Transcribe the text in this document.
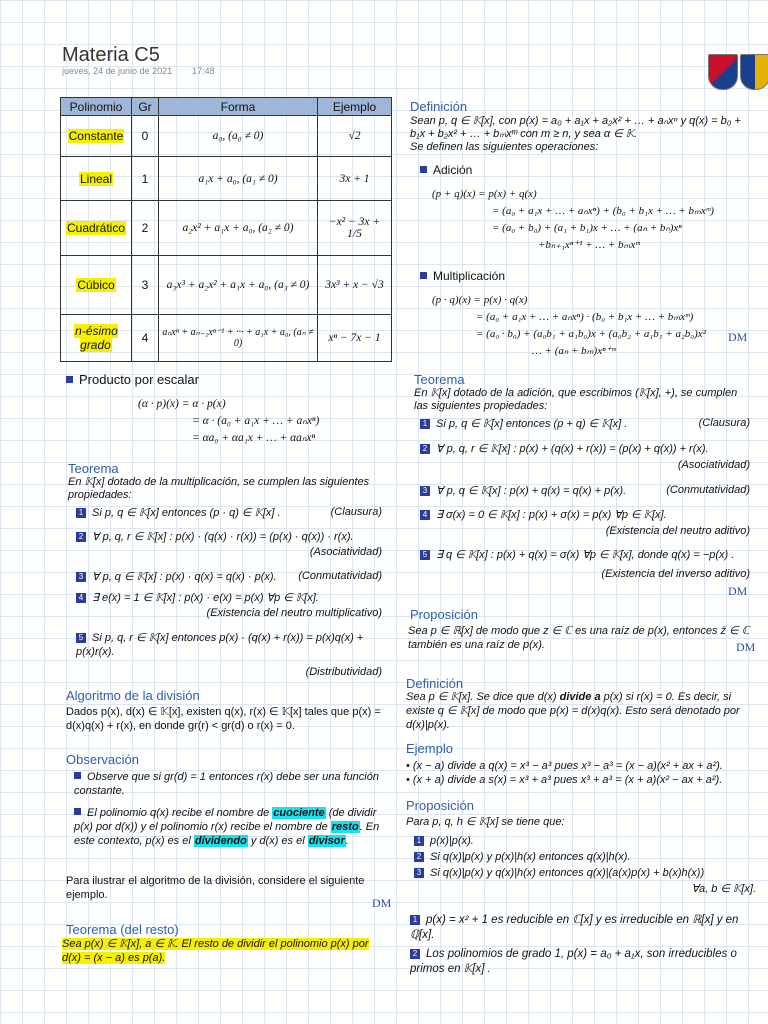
Materia C5
jueves, 24 de junio de 2021 17:48
Polinomio	Gr	Forma	Ejemplo
Constante	0	a₀, (a₀ ≠ 0)	√2
Lineal	1	a₁x + a₀, (a₁ ≠ 0)	3x + 1
Cuadrático	2	a₂x² + a₁x + a₀, (a₂ ≠ 0)	−x² − 3x + 1/5
Cúbico	3	a₃x³ + a₂x² + a₁x + a₀, (a₃ ≠ 0)	3x³ + x − √3
n-ésimo grado	4	aₙxⁿ + aₙ₋₁xⁿ⁻¹ + ··· + a₁x + a₀, (aₙ ≠ 0)	xⁿ − 7x − 1
Producto por escalar
(α · p)(x) = α · p(x)
= α · (a₀ + a₁x + … + aₙxⁿ)
= αa₀ + αa₁x + … + αaₙxⁿ
Teorema
En 𝕂[x] dotado de la multiplicación, se cumplen las siguientes propiedades:
1 Si p, q ∈ 𝕂[x] entonces (p · q) ∈ 𝕂[x] .	(Clausura)
2 ∀ p, q, r ∈ 𝕂[x] : p(x) · (q(x) · r(x)) = (p(x) · q(x)) · r(x).
(Asociatividad)
3 ∀ p, q ∈ 𝕂[x] : p(x) · q(x) = q(x) · p(x). (Conmutatividad)
4 ∃ e(x) = 1 ∈ 𝕂[x] : p(x) · e(x) = p(x) ∀p ∈ 𝕂[x].
(Existencia del neutro multiplicativo)
5 Si p, q, r ∈ 𝕂[x] entonces p(x) · (q(x) + r(x)) = p(x)q(x) + p(x)r(x).
(Distributividad)
Algoritmo de la división
Dados p(x), d(x) ∈ 𝕂[x], existen q(x), r(x) ∈ 𝕂[x] tales que p(x) = d(x)q(x) + r(x), en donde gr(r) < gr(d) o r(x) = 0.
Observación
Observe que si gr(d) = 1 entonces r(x) debe ser una función constante.
El polinomio q(x) recibe el nombre de cuociente (de dividir p(x) por d(x)) y el polinomio r(x) recibe el nombre de resto. En este contexto, p(x) es el dividendo y d(x) es el divisor.
Para ilustrar el algoritmo de la división, considere el siguiente ejemplo.
DM
Teorema (del resto)
Sea p(x) ∈ 𝕂[x], a ∈ 𝕂. El resto de dividir el polinomio p(x) por d(x) = (x − a) es p(a).
Definición
Sean p, q ∈ 𝕂[x], con p(x) = a₀ + a₁x + a₂x² + … + aₙxⁿ y q(x) = b₀ + b₁x + b₂x² + … + bₘxᵐ con m ≥ n, y sea α ∈ 𝕂.
Se definen las siguientes operaciones:
Adición
(p + q)(x) = p(x) + q(x)
= (a₀ + a₁x + … + aₙxⁿ) + (b₀ + b₁x + … + bₘxᵐ)
= (a₀ + b₀) + (a₁ + b₁)x + … + (aₙ + bₙ)xⁿ
+bₙ₊₁xⁿ⁺¹ + … + bₘxᵐ
Multiplicación
(p · q)(x) = p(x) · q(x)
= (a₀ + a₁x + … + aₙxⁿ) · (b₀ + b₁x + … + bₘxᵐ)
= (a₀ · b₀) + (a₀b₁ + a₁b₀)x + (a₀b₂ + a₁b₁ + a₂b₀)x²
… + (aₙ + bₘ)xⁿ⁺ᵐ
DM
Teorema
En 𝕂[x] dotado de la adición, que escribimos (𝕂[x], +), se cumplen las siguientes propiedades:
1 Si p, q ∈ 𝕂[x] entonces (p + q) ∈ 𝕂[x] .	(Clausura)
2 ∀ p, q, r ∈ 𝕂[x] : p(x) + (q(x) + r(x)) = (p(x) + q(x)) + r(x).
(Asociatividad)
3 ∀ p, q ∈ 𝕂[x] : p(x) + q(x) = q(x) + p(x).	(Conmutatividad)
4 ∃ σ(x) = 0 ∈ 𝕂[x] : p(x) + σ(x) = p(x) ∀p ∈ 𝕂[x].
(Existencia del neutro aditivo)
5 ∃ q ∈ 𝕂[x] : p(x) + q(x) = σ(x) ∀p ∈ 𝕂[x], donde q(x) = −p(x) .
(Existencia del inverso aditivo)
DM
Proposición
Sea p ∈ ℝ[x] de modo que z ∈ ℂ es una raíz de p(x), entonces z̄ ∈ ℂ también es una raíz de p(x).	DM
Definición
Sea p ∈ 𝕂[x]. Se dice que d(x) divide a p(x) si r(x) = 0. Es decir, si existe q ∈ 𝕂[x] de modo que p(x) = d(x)q(x). Esto será denotado por d(x)|p(x).
Ejemplo
• (x − a) divide a q(x) = x³ − a³ pues x³ − a³ = (x − a)(x² + ax + a²).
• (x + a) divide a s(x) = x³ + a³ pues x³ + a³ = (x + a)(x² − ax + a²).
Proposición
Para p, q, h ∈ 𝕂[x] se tiene que:
1 p(x)|p(x).
2 Si q(x)|p(x) y p(x)|h(x) entonces q(x)|h(x).
3 Si q(x)|p(x) y q(x)|h(x) entonces q(x)|(a(x)p(x) + b(x)h(x))
∀a, b ∈ 𝕂[x].
1 p(x) = x² + 1 es reducible en ℂ[x] y es irreducible en ℝ[x] y en ℚ[x].
2 Los polinomios de grado 1, p(x) = a₀ + a₁x, son irreducibles o primos en 𝕂[x] .
